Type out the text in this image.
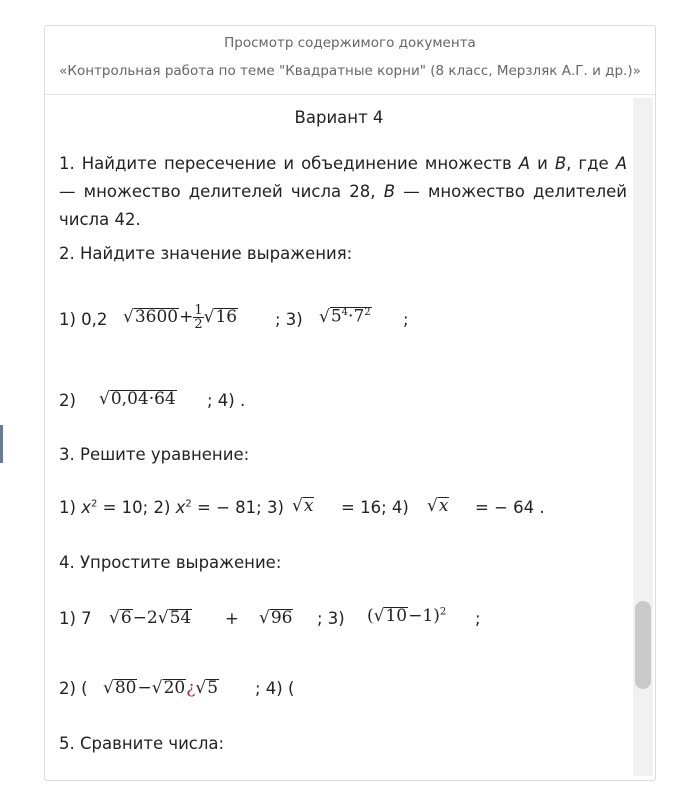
Просмотр содержимого документа
«Контрольная работа по теме "Квадратные корни" (8 класс, Мерзляк А.Г. и др.)»
Вариант 4
1. Найдите пересечение и объединение множеств A и B, где A — множество делителей числа 28, B — множество делителей числа 42.
2. Найдите значение выражения:
1) 0,2 $√3600+ \frac{1}{2} √16$ ; 3) $√5^4\cdot 7^2$ ;
2) √0,04·64 ; 4) .
3. Решите уравнение:
1) $x^2 = 10$; 2) $x^2$ = − 81; 3) √x = 16; 4) √x = − 64 .
4. Упростите выражение:
1) 7 √6−2√54 + √96 ; 3) $(√10-1)^2$ ;
2) ( √80−√20¿√5 ; 4) (
5. Сравните числа:
